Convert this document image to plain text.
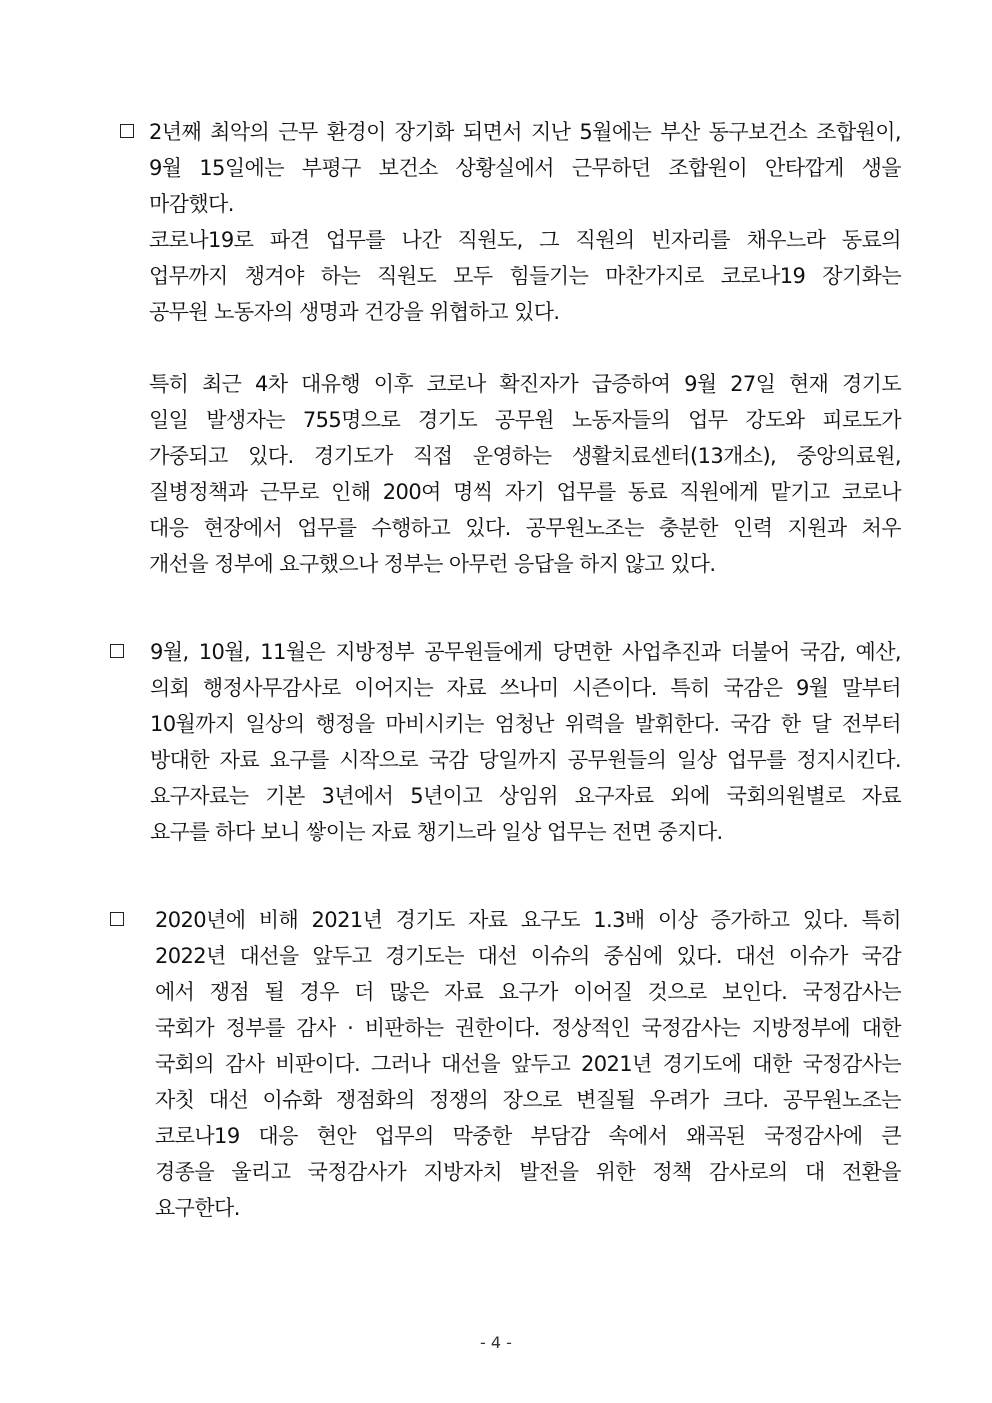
2년째 최악의 근무 환경이 장기화 되면서 지난 5월에는 부산 동구보건소 조합원이,
9월 15일에는 부평구 보건소 상황실에서 근무하던 조합원이 안타깝게 생을
마감했다.
코로나19로 파견 업무를 나간 직원도, 그 직원의 빈자리를 채우느라 동료의
업무까지 챙겨야 하는 직원도 모두 힘들기는 마찬가지로 코로나19 장기화는
공무원 노동자의 생명과 건강을 위협하고 있다.
특히 최근 4차 대유행 이후 코로나 확진자가 급증하여 9월 27일 현재 경기도
일일 발생자는 755명으로 경기도 공무원 노동자들의 업무 강도와 피로도가
가중되고 있다. 경기도가 직접 운영하는 생활치료센터(13개소), 중앙의료원,
질병정책과 근무로 인해 200여 명씩 자기 업무를 동료 직원에게 맡기고 코로나
대응 현장에서 업무를 수행하고 있다. 공무원노조는 충분한 인력 지원과 처우
개선을 정부에 요구했으나 정부는 아무런 응답을 하지 않고 있다.
9월, 10월, 11월은 지방정부 공무원들에게 당면한 사업추진과 더불어 국감, 예산,
의회 행정사무감사로 이어지는 자료 쓰나미 시즌이다. 특히 국감은 9월 말부터
10월까지 일상의 행정을 마비시키는 엄청난 위력을 발휘한다. 국감 한 달 전부터
방대한 자료 요구를 시작으로 국감 당일까지 공무원들의 일상 업무를 정지시킨다.
요구자료는 기본 3년에서 5년이고 상임위 요구자료 외에 국회의원별로 자료
요구를 하다 보니 쌓이는 자료 챙기느라 일상 업무는 전면 중지다.
2020년에 비해 2021년 경기도 자료 요구도 1.3배 이상 증가하고 있다. 특히
2022년 대선을 앞두고 경기도는 대선 이슈의 중심에 있다. 대선 이슈가 국감
에서 쟁점 될 경우 더 많은 자료 요구가 이어질 것으로 보인다. 국정감사는
국회가 정부를 감사 · 비판하는 권한이다. 정상적인 국정감사는 지방정부에 대한
국회의 감사 비판이다. 그러나 대선을 앞두고 2021년 경기도에 대한 국정감사는
자칫 대선 이슈화 쟁점화의 정쟁의 장으로 변질될 우려가 크다. 공무원노조는
코로나19 대응 현안 업무의 막중한 부담감 속에서 왜곡된 국정감사에 큰
경종을 울리고 국정감사가 지방자치 발전을 위한 정책 감사로의 대 전환을
요구한다.
- 4 -
